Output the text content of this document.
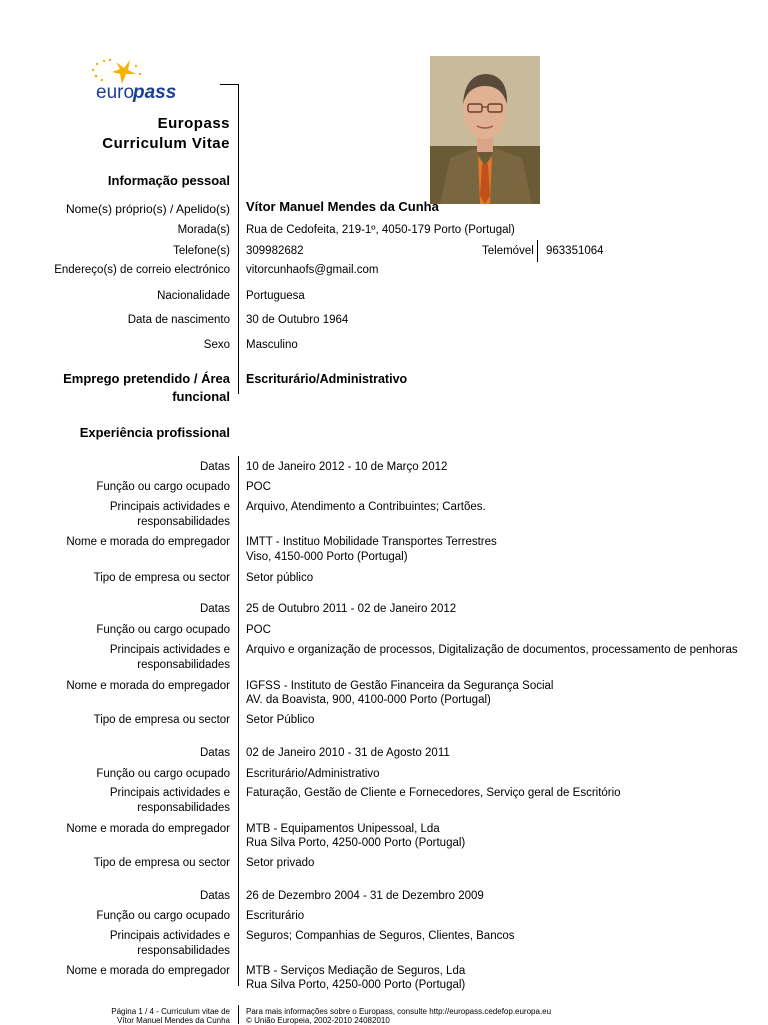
euro
pass
Europass
Curriculum Vitae
Informação pessoal
Nome(s) próprio(s) / Apelido(s) Vítor Manuel Mendes da Cunha
Morada(s) Rua de Cedofeita, 219-1º, 4050-179 Porto (Portugal)
Telefone(s) 309982682	Telemóvel 963351064
Endereço(s) de correio electrónico vitorcunhaofs@gmail.com
Nacionalidade Portuguesa
Data de nascimento 30 de Outubro 1964
Sexo Masculino
Emprego pretendido / Área funcional
Escriturário/Administrativo
Experiência profissional
Datas 10 de Janeiro 2012 - 10 de Março 2012
Função ou cargo ocupado POC
Principais actividades e
responsabilidades
Arquivo, Atendimento a Contribuintes; Cartões.
Nome e morada do empregador IMTT - Instituo Mobilidade Transportes Terrestres
Viso, 4150-000 Porto (Portugal)
Tipo de empresa ou sector Setor público
Datas 25 de Outubro 2011 - 02 de Janeiro 2012
Função ou cargo ocupado POC
Principais actividades e
responsabilidades
Arquivo e organização de processos, Digitalização de documentos, processamento de penhoras
Nome e morada do empregador IGFSS - Instituto de Gestão Financeira da Segurança Social
AV. da Boavista, 900, 4100-000 Porto (Portugal)
Tipo de empresa ou sector Setor Público
Datas 02 de Janeiro 2010 - 31 de Agosto 2011
Função ou cargo ocupado Escriturário/Administrativo
Principais actividades e
responsabilidades
Faturação, Gestão de Cliente e Fornecedores, Serviço geral de Escritório
Nome e morada do empregador MTB - Equipamentos Unipessoal, Lda
Rua Silva Porto, 4250-000 Porto (Portugal)
Tipo de empresa ou sector Setor privado
Datas 26 de Dezembro 2004 - 31 de Dezembro 2009
Função ou cargo ocupado Escriturário
Principais actividades e
responsabilidades
Seguros; Companhias de Seguros, Clientes, Bancos
Nome e morada do empregador MTB - Serviços Mediação de Seguros, Lda
Rua Silva Porto, 4250-000 Porto (Portugal)
Página 1 / 4 - Curriculum vitae de
Vítor Manuel Mendes da Cunha
Para mais informações sobre o Europass, consulte http://europass.cedefop.europa.eu
© União Europeia, 2002-2010 24082010
